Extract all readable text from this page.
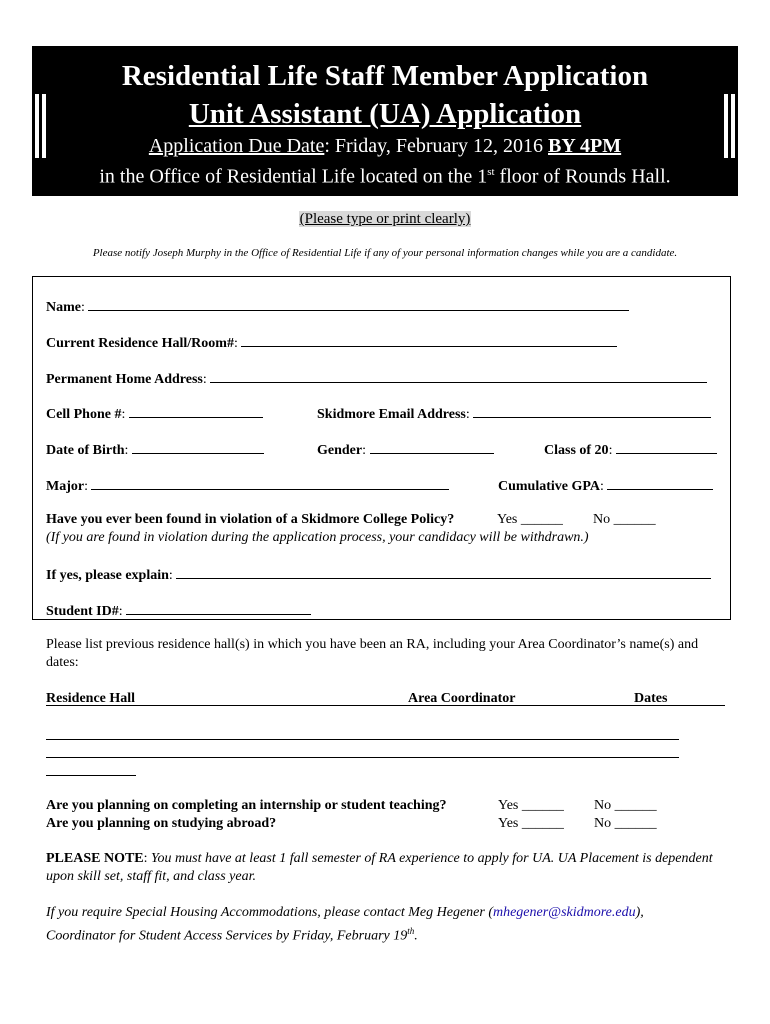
Residential Life Staff Member Application
Unit Assistant (UA) Application
Application Due Date: Friday, February 12, 2016 BY 4PM
in the Office of Residential Life located on the 1st floor of Rounds Hall.
(Please type or print clearly)
Please notify Joseph Murphy in the Office of Residential Life if any of your personal information changes while you are a candidate.
Name:
Current Residence Hall/Room#:
Permanent Home Address:
Cell Phone #:	Skidmore Email Address:
Date of Birth:	Gender:	Class of 20:
Major:	Cumulative GPA:
Have you ever been found in violation of a Skidmore College Policy?	Yes ______ No ______
(If you are found in violation during the application process, your candidacy will be withdrawn.)
If yes, please explain:
Student ID#:
Please list previous residence hall(s) in which you have been an RA, including your Area Coordinator’s name(s) and dates:
Residence Hall	Area Coordinator	Dates
Are you planning on completing an internship or student teaching?	Yes ______ No ______
Are you planning on studying abroad?	Yes ______ No ______
PLEASE NOTE: You must have at least 1 fall semester of RA experience to apply for UA. UA Placement is dependent upon skill set, staff fit, and class year.
If you require Special Housing Accommodations, please contact Meg Hegener (mhegener@skidmore.edu),
Coordinator for Student Access Services by Friday, February 19th.
